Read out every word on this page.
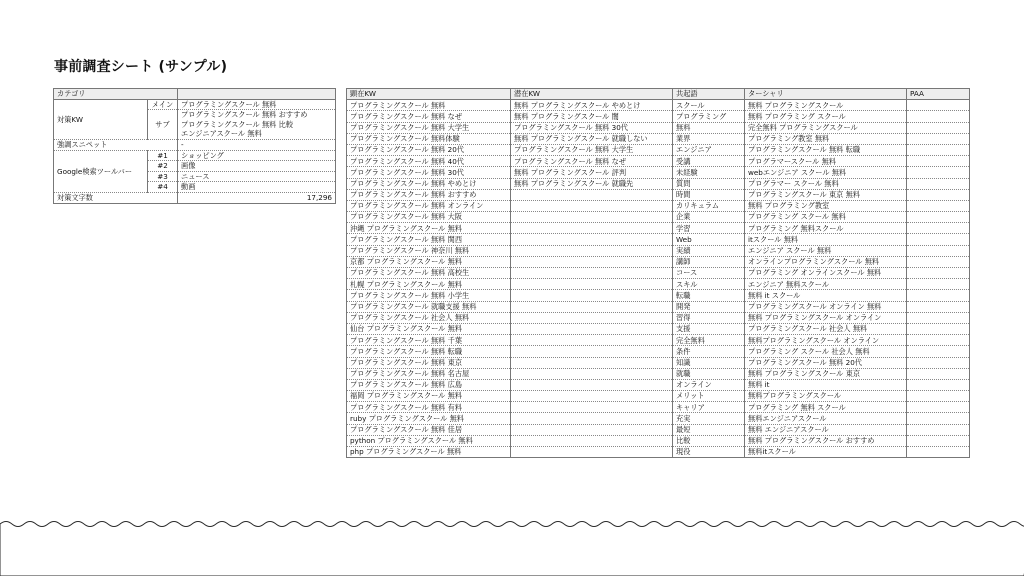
事前調査シート (サンプル)
カテゴリ		
対策KW	メイン	プログラミングスクール 無料
	サブ	プログラミングスクール 無料 おすすめ
プログラミングスクール 無料 比較
エンジニアスクール 無料

強調スニペット		-
Google検索ツールバー	#1	ショッピング
	#2	画像
	#3	ニュース
	#4	動画
対策文字数		17,296
顕在KW	潜在KW	共起語	ターシャリ	PAA
プログラミングスクール 無料	無料 プログラミングスクール やめとけ	スクール	無料 プログラミングスクール	
プログラミングスクール 無料 なぜ	無料 プログラミングスクール 闇	プログラミング	無料 プログラミング スクール	
プログラミングスクール 無料 大学生	プログラミングスクール 無料 30代	無料	完全無料 プログラミングスクール	
プログラミングスクール 無料体験	無料 プログラミングスクール 就職しない	業界	プログラミング教室 無料	
プログラミングスクール 無料 20代	プログラミングスクール 無料 大学生	エンジニア	プログラミングスクール 無料 転職	
プログラミングスクール 無料 40代	プログラミングスクール 無料 なぜ	受講	プログラマースクール 無料	
プログラミングスクール 無料 30代	無料 プログラミングスクール 評判	未経験	webエンジニア スクール 無料	
プログラミングスクール 無料 やめとけ	無料 プログラミングスクール 就職先	質問	プログラマー スクール 無料	
プログラミングスクール 無料 おすすめ		時間	プログラミングスクール 東京 無料	
プログラミングスクール 無料 オンライン		カリキュラム	無料 プログラミング教室	
プログラミングスクール 無料 大阪		企業	プログラミング スクール 無料	
沖縄 プログラミングスクール 無料		学習	プログラミング 無料スクール	
プログラミングスクール 無料 関西		Web	itスクール 無料	
プログラミングスクール 神奈川 無料		実績	エンジニア スクール 無料	
京都 プログラミングスクール 無料		講師	オンラインプログラミングスクール 無料	
プログラミングスクール 無料 高校生		コース	プログラミング オンラインスクール 無料	
札幌 プログラミングスクール 無料		スキル	エンジニア 無料スクール	
プログラミングスクール 無料 小学生		転職	無料 it スクール	
プログラミングスクール 就職支援 無料		開発	プログラミングスクール オンライン 無料	
プログラミングスクール 社会人 無料		習得	無料 プログラミングスクール オンライン	
仙台 プログラミングスクール 無料		支援	プログラミングスクール 社会人 無料	
プログラミングスクール 無料 千葉		完全無料	無料プログラミングスクール オンライン	
プログラミングスクール 無料 転職		条件	プログラミング スクール 社会人 無料	
プログラミングスクール 無料 東京		知識	プログラミングスクール 無料 20代	
プログラミングスクール 無料 名古屋		就職	無料 プログラミングスクール 東京	
プログラミングスクール 無料 広島		オンライン	無料 it	
福岡 プログラミングスクール 無料		メリット	無料プログラミングスクール	
プログラミングスクール 無料 有料		キャリア	プログラミング 無料 スクール	
ruby プログラミングスクール 無料		充実	無料エンジニアスクール	
プログラミングスクール 無料 佳居		最短	無料 エンジニアスクール	
python プログラミングスクール 無料		比較	無料 プログラミングスクール おすすめ	
php プログラミングスクール 無料		現役	無料itスクール	
